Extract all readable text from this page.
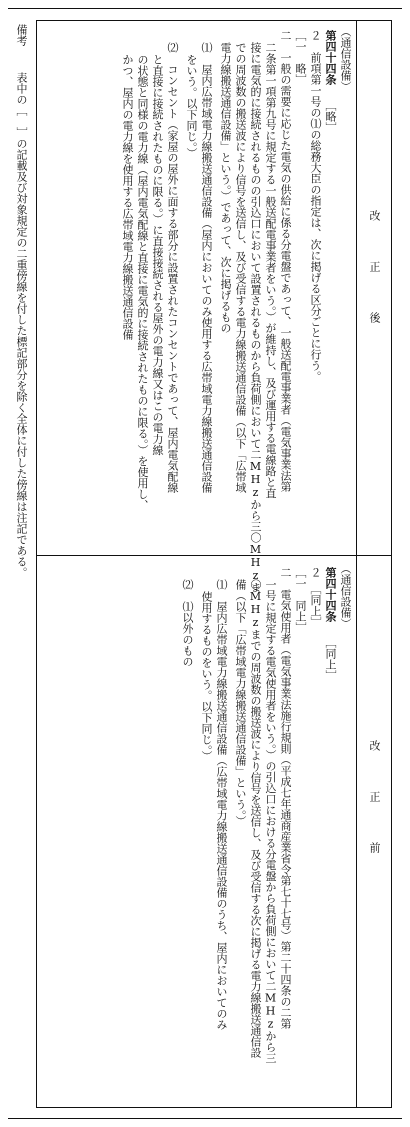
改正後
改正前
（通信設備）
第四十四条
［略］
２　前項第一号の⑴の総務大臣の指定は、次に掲げる区分ごとに行う。
［一　略］
二　一般の需要に応じた電気の供給に係る分電盤であって、一般送配電事業者（電気事業法第
二条第一項第九号に規定する一般送配電事業者をいう。）が維持し、及び運用する電線路と直
接に電気的に接続されるものの引込口において設置されるものから負荷側において二MHzから三〇MHzま
での周波数の搬送波により信号を送信し、及び受信する電力線搬送通信設備（以下「広帯域
電力線搬送通信設備」という。）であって、次に掲げるもの
⑴　屋内広帯域電力線搬送通信設備（屋内においてのみ使用する広帯域電力線搬送通信設備
をいう。以下同じ。）
⑵　コンセント（家屋の屋外に面する部分に設置されたコンセントであって、屋内電気配線
と直接に接続されたものに限る。）に直接接続される屋外の電力線又はこの電力線
の状態と同様の電力線（屋内電気配線と直接に電気的に接続されたものに限る。）を使用し、
かつ、屋内の電力線を使用する広帯域電力線搬送通信設備
（通信設備）
第四十四条
［同上］
２　［同上］
［一　同上］
二　電気使用者（電気事業法施行規則（平成七年通商産業省令第七十七号）第二十四条の二第
一号に規定する電気使用者をいう。）の引込口における分電盤から負荷側において二MHzから三
〇MHzまでの周波数の搬送波により信号を送信し、及び受信する次に掲げる電力線搬送通信設
備（以下「広帯域電力線搬送通信設備」という。）
⑴　屋内広帯域電力線搬送通信設備（広帯域電力線搬送通信設備のうち、屋内においてのみ
使用するものをいう。以下同じ。）
⑵　⑴以外のもの
備考
表中の［　］の記載及び対象規定の二重傍線を付した標記部分を除く全体に付した傍線は注記である。
